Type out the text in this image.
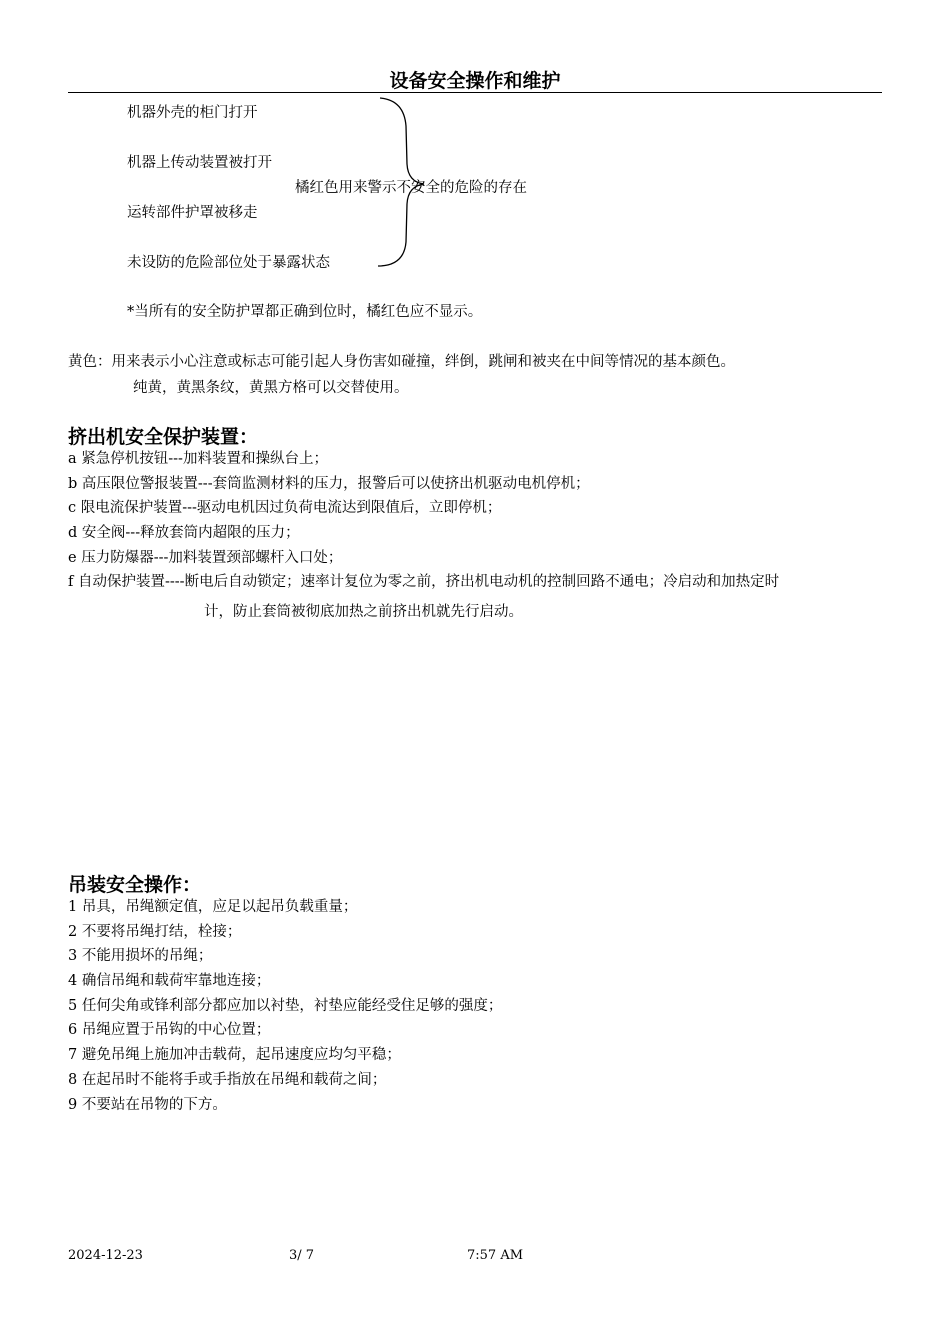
设备安全操作和维护
机器外壳的柜门打开
机器上传动装置被打开
运转部件护罩被移走
未设防的危险部位处于暴露状态
橘红色用来警示不安全的危险的存在
*当所有的安全防护罩都正确到位时，橘红色应不显示。
黄色：用来表示小心注意或标志可能引起人身伤害如碰撞，绊倒，跳闸和被夹在中间等情况的基本颜色。
纯黄，黄黑条纹，黄黑方格可以交替使用。
挤出机安全保护装置：
a 紧急停机按钮---加料装置和操纵台上；
b 高压限位警报装置---套筒监测材料的压力，报警后可以使挤出机驱动电机停机；
c 限电流保护装置---驱动电机因过负荷电流达到限值后，立即停机；
d 安全阀---释放套筒内超限的压力；
e 压力防爆器---加料装置颈部螺杆入口处；
f 自动保护装置----断电后自动锁定；速率计复位为零之前，挤出机电动机的控制回路不通电；冷启动和加热定时
计，防止套筒被彻底加热之前挤出机就先行启动。
吊装安全操作：
1 吊具，吊绳额定值，应足以起吊负载重量；
2 不要将吊绳打结，栓接；
3 不能用损坏的吊绳；
4 确信吊绳和载荷牢靠地连接；
5 任何尖角或锋利部分都应加以衬垫，衬垫应能经受住足够的强度；
6 吊绳应置于吊钩的中心位置；
7 避免吊绳上施加冲击载荷，起吊速度应均匀平稳；
8 在起吊时不能将手或手指放在吊绳和载荷之间；
9 不要站在吊物的下方。
2024-12-23	3/ 7	7:57 AM
